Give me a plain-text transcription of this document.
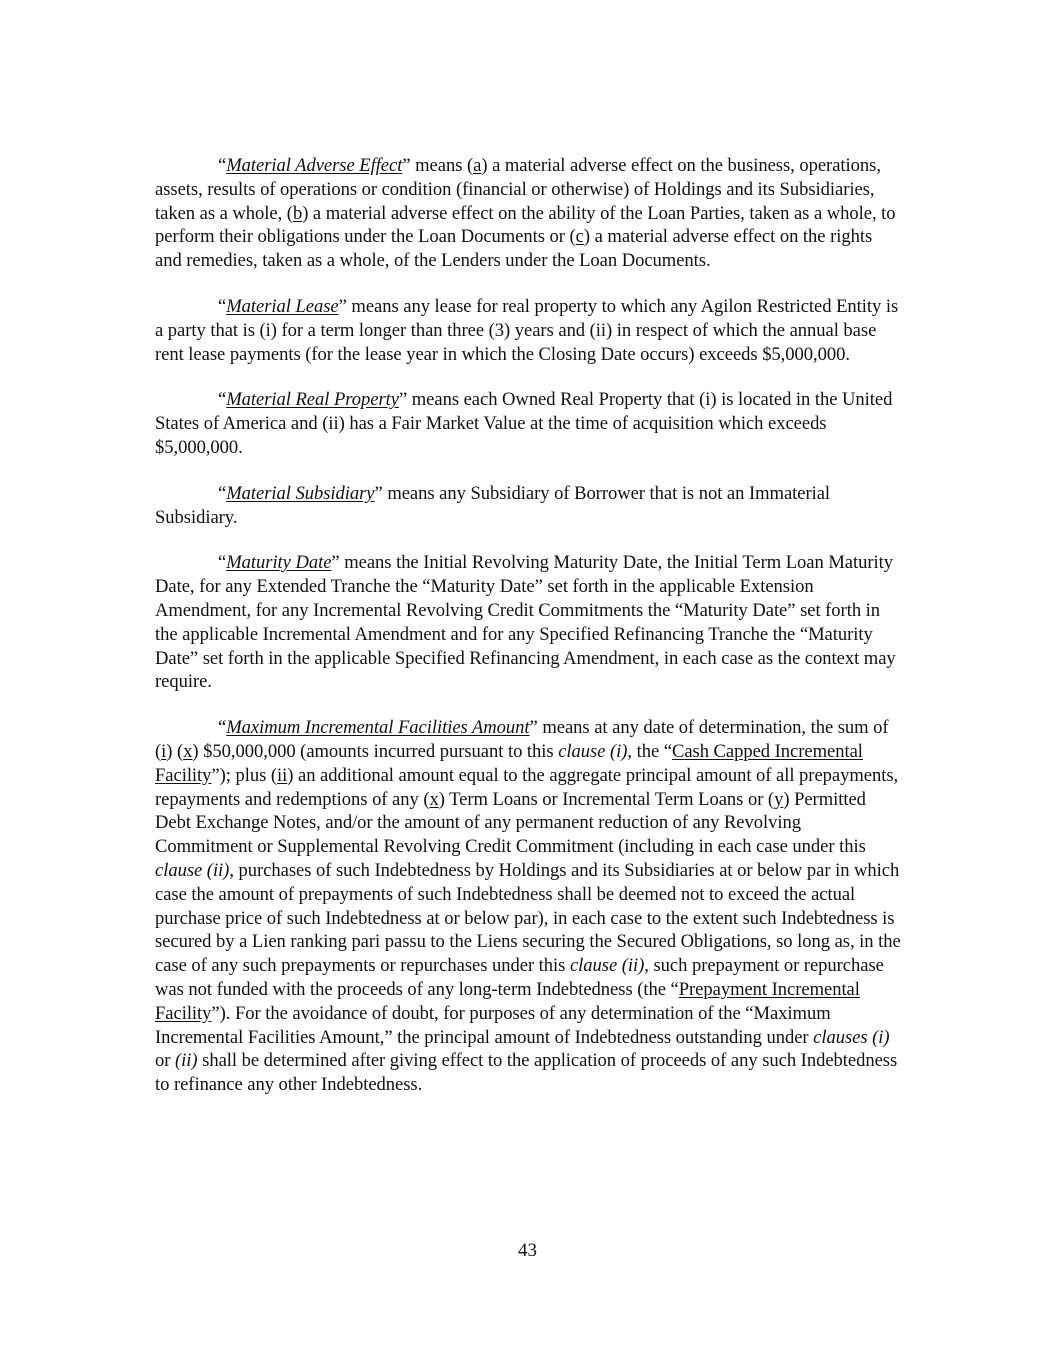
“Material Adverse Effect” means (a) a material adverse effect on the business, operations, assets, results of operations or condition (financial or otherwise) of Holdings and its Subsidiaries, taken as a whole, (b) a material adverse effect on the ability of the Loan Parties, taken as a whole, to perform their obligations under the Loan Documents or (c) a material adverse effect on the rights and remedies, taken as a whole, of the Lenders under the Loan Documents.

“Material Lease” means any lease for real property to which any Agilon Restricted Entity is a party that is (i) for a term longer than three (3) years and (ii) in respect of which the annual base rent lease payments (for the lease year in which the Closing Date occurs) exceeds $5,000,000.

“Material Real Property” means each Owned Real Property that (i) is located in the United States of America and (ii) has a Fair Market Value at the time of acquisition which exceeds $5,000,000.

“Material Subsidiary” means any Subsidiary of Borrower that is not an Immaterial Subsidiary.

“Maturity Date” means the Initial Revolving Maturity Date, the Initial Term Loan Maturity Date, for any Extended Tranche the “Maturity Date” set forth in the applicable Extension Amendment, for any Incremental Revolving Credit Commitments the “Maturity Date” set forth in the applicable Incremental Amendment and for any Specified Refinancing Tranche the “Maturity Date” set forth in the applicable Specified Refinancing Amendment, in each case as the context may require.

“Maximum Incremental Facilities Amount” means at any date of determination, the sum of (i) (x) $50,000,000 (amounts incurred pursuant to this clause (i), the “Cash Capped Incremental Facility”); plus (ii) an additional amount equal to the aggregate principal amount of all prepayments, repayments and redemptions of any (x) Term Loans or Incremental Term Loans or (y) Permitted Debt Exchange Notes, and/or the amount of any permanent reduction of any Revolving Commitment or Supplemental Revolving Credit Commitment (including in each case under this clause (ii), purchases of such Indebtedness by Holdings and its Subsidiaries at or below par in which case the amount of prepayments of such Indebtedness shall be deemed not to exceed the actual purchase price of such Indebtedness at or below par), in each case to the extent such Indebtedness is secured by a Lien ranking pari passu to the Liens securing the Secured Obligations, so long as, in the case of any such prepayments or repurchases under this clause (ii), such prepayment or repurchase was not funded with the proceeds of any long-term Indebtedness (the “Prepayment Incremental Facility”). For the avoidance of doubt, for purposes of any determination of the “Maximum Incremental Facilities Amount,” the principal amount of Indebtedness outstanding under clauses (i) or (ii) shall be determined after giving effect to the application of proceeds of any such Indebtedness to refinance any other Indebtedness.

43
